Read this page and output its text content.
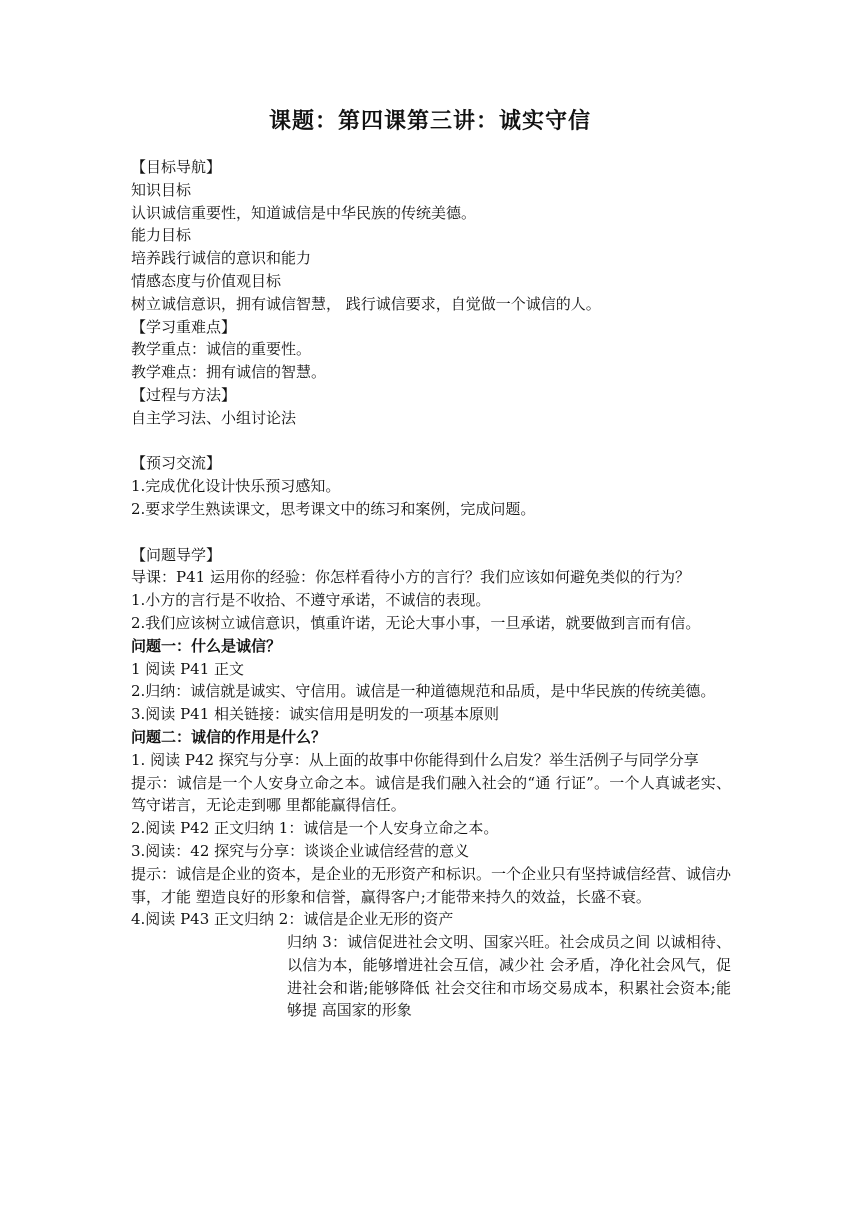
课题：第四课第三讲：诚实守信

【目标导航】

知识目标

认识诚信重要性，知道诚信是中华民族的传统美德。

能力目标

培养践行诚信的意识和能力

情感态度与价值观目标

树立诚信意识，拥有诚信智慧， 践行诚信要求，自觉做一个诚信的人。

【学习重难点】

教学重点：诚信的重要性。

教学难点：拥有诚信的智慧。

【过程与方法】

自主学习法、小组讨论法

【预习交流】

1.完成优化设计快乐预习感知。

2.要求学生熟读课文，思考课文中的练习和案例，完成问题。

【问题导学】

导课：P41 运用你的经验：你怎样看待小方的言行？我们应该如何避免类似的行为？

1.小方的言行是不收拾、不遵守承诺，不诚信的表现。

2.我们应该树立诚信意识，慎重许诺，无论大事小事，一旦承诺，就要做到言而有信。

问题一：什么是诚信？

1 阅读 P41 正文

2.归纳：诚信就是诚实、守信用。诚信是一种道德规范和品质，是中华民族的传统美德。

3.阅读 P41 相关链接：诚实信用是明发的一项基本原则

问题二：诚信的作用是什么？

1. 阅读 P42 探究与分享：从上面的故事中你能得到什么启发？举生活例子与同学分享

提示：诚信是一个人安身立命之本。诚信是我们融入社会的“通 行证”。一个人真诚老实、笃守诺言，无论走到哪 里都能赢得信任。

2.阅读 P42 正文归纳 1：诚信是一个人安身立命之本。

3.阅读：42 探究与分享：谈谈企业诚信经营的意义

提示：诚信是企业的资本，是企业的无形资产和标识。一个企业只有坚持诚信经营、诚信办事，才能 塑造良好的形象和信誉，赢得客户;才能带来持久的效益，长盛不衰。

4.阅读 P43 正文归纳 2：诚信是企业无形的资产

归纳 3：诚信促进社会文明、国家兴旺。社会成员之间 以诚相待、以信为本，能够增进社会互信，减少社 会矛盾，净化社会风气，促进社会和谐;能够降低 社会交往和市场交易成本，积累社会资本;能够提 高国家的形象
